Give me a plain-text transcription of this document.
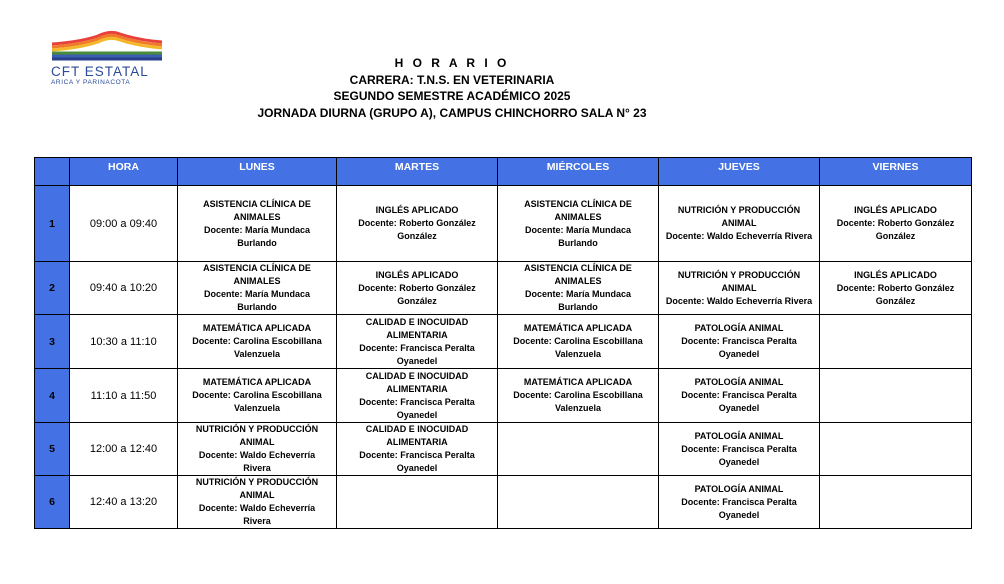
CFT ESTATAL
ARICA Y PARINACOTA
H O R A R I O
CARRERA: T.N.S. EN VETERINARIA
SEGUNDO SEMESTRE ACADÉMICO 2025
JORNADA DIURNA (GRUPO A), CAMPUS CHINCHORRO SALA N° 23
	HORA	LUNES	MARTES	MIÉRCOLES	JUEVES	VIERNES
1	09:00 a 09:40	ASISTENCIA CLÍNICA DE ANIMALES
Docente: María Mundaca Burlando	INGLÉS APLICADO
Docente: Roberto González González	ASISTENCIA CLÍNICA DE ANIMALES
Docente: María Mundaca Burlando	NUTRICIÓN Y PRODUCCIÓN ANIMAL
Docente: Waldo Echeverría Rivera	INGLÉS APLICADO
Docente: Roberto González González

2	09:40 a 10:20	ASISTENCIA CLÍNICA DE ANIMALES
Docente: María Mundaca Burlando	INGLÉS APLICADO
Docente: Roberto González González	ASISTENCIA CLÍNICA DE ANIMALES
Docente: María Mundaca Burlando	NUTRICIÓN Y PRODUCCIÓN ANIMAL
Docente: Waldo Echeverría Rivera	INGLÉS APLICADO
Docente: Roberto González González

3	10:30 a 11:10	MATEMÁTICA APLICADA
Docente: Carolina Escobillana Valenzuela	CALIDAD E INOCUIDAD ALIMENTARIA
Docente: Francisca Peralta Oyanedel	MATEMÁTICA APLICADA
Docente: Carolina Escobillana Valenzuela	PATOLOGÍA ANIMAL
Docente: Francisca Peralta Oyanedel	

4	11:10 a 11:50	MATEMÁTICA APLICADA
Docente: Carolina Escobillana Valenzuela	CALIDAD E INOCUIDAD ALIMENTARIA
Docente: Francisca Peralta Oyanedel	MATEMÁTICA APLICADA
Docente: Carolina Escobillana Valenzuela	PATOLOGÍA ANIMAL
Docente: Francisca Peralta Oyanedel	

5	12:00 a 12:40	NUTRICIÓN Y PRODUCCIÓN ANIMAL
Docente: Waldo Echeverría Rivera	CALIDAD E INOCUIDAD ALIMENTARIA
Docente: Francisca Peralta Oyanedel		PATOLOGÍA ANIMAL
Docente: Francisca Peralta Oyanedel	

6	12:40 a 13:20	NUTRICIÓN Y PRODUCCIÓN ANIMAL
Docente: Waldo Echeverría Rivera			PATOLOGÍA ANIMAL
Docente: Francisca Peralta Oyanedel	
